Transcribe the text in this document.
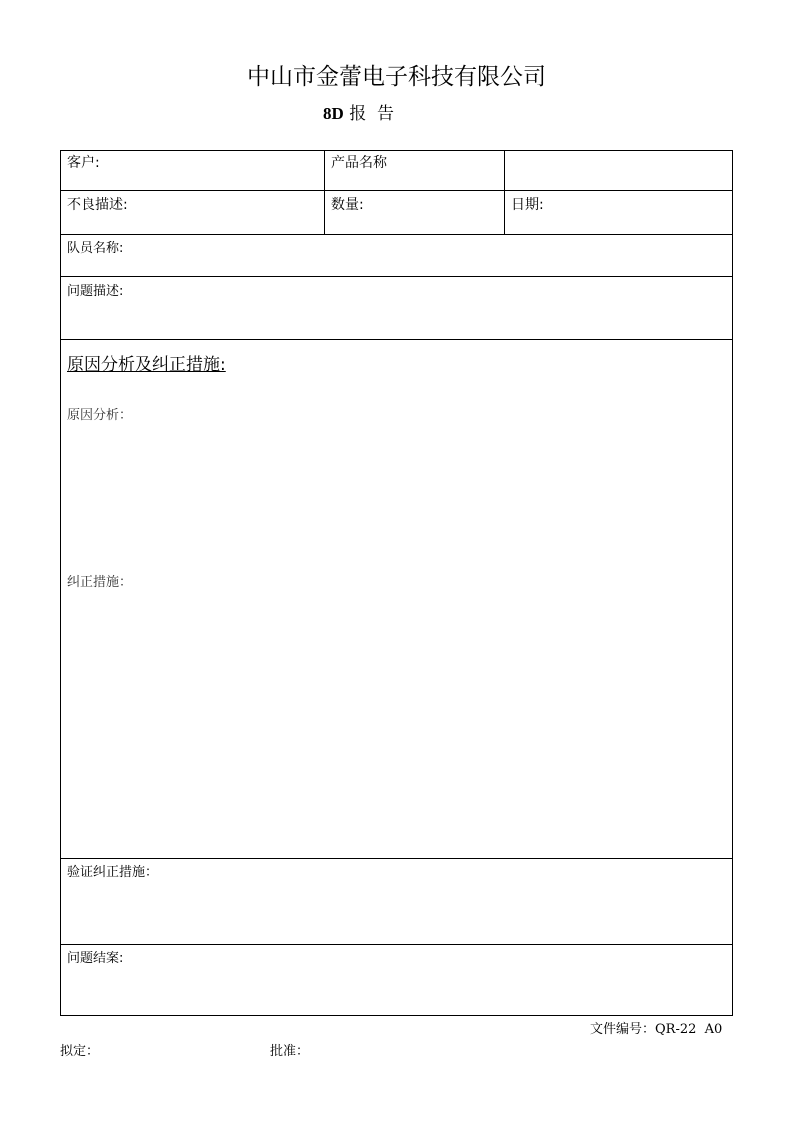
中山市金蕾电子科技有限公司
8D 报  告
客户:	产品名称
不良描述:	数量:	日期:
队员名称:
问题描述:
原因分析及纠正措施:
原因分析：
纠正措施：
验证纠正措施：
问题结案:
文件编号：QR-22  A0
拟定：	批准：
